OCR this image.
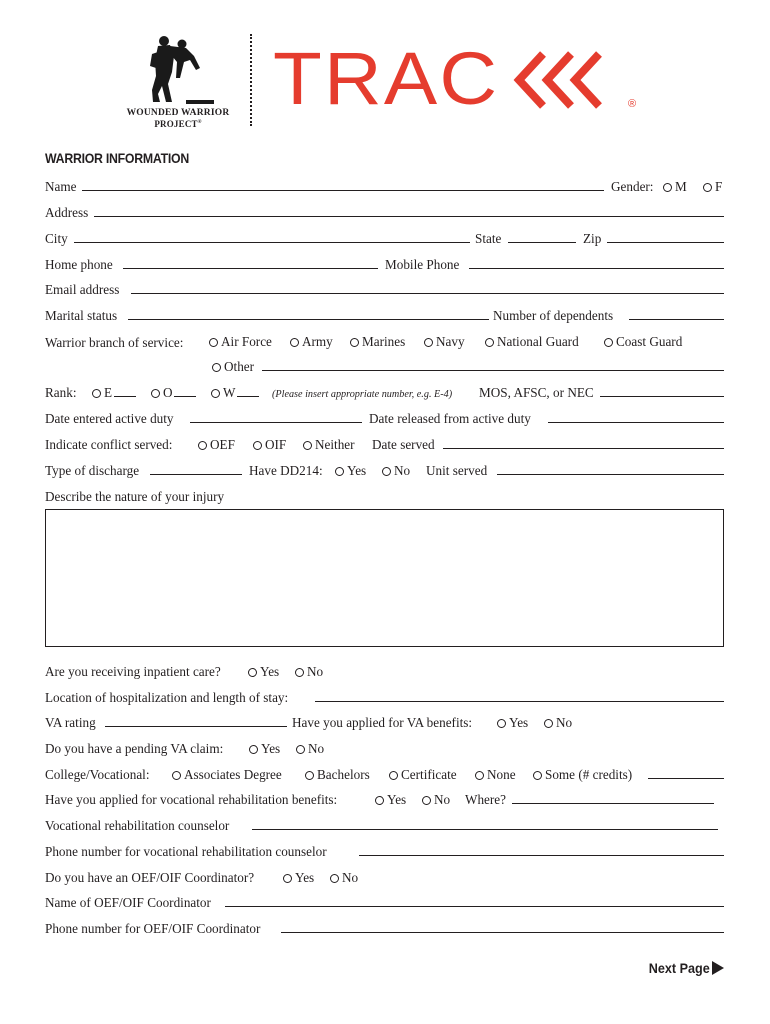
WOUNDED WARRIOR
PROJECT®
TRAC	®
WARRIOR INFORMATION
Name	Gender:	M	F
Address
City	State	Zip
Home phone	Mobile Phone
Email address
Marital status	Number of dependents
Warrior branch of service:	Air Force	Army	Marines	Navy	National Guard	Coast Guard
Other
Rank:	E	O	W	(Please insert appropriate number, e.g. E-4) MOS, AFSC, or NEC
Date entered active duty	Date released from active duty
Indicate conflict served:	OEF	OIF	Neither Date served
Type of discharge	Have DD214:	Yes	No Unit served
Describe the nature of your injury
Are you receiving inpatient care?	Yes	No
Location of hospitalization and length of stay:
VA rating	Have you applied for VA benefits:	Yes	No
Do you have a pending VA claim:	Yes	No
College/Vocational:	Associates Degree	Bachelors	Certificate	None	Some (# credits)
Have you applied for vocational rehabilitation benefits:	Yes	No Where?
Vocational rehabilitation counselor
Phone number for vocational rehabilitation counselor
Do you have an OEF/OIF Coordinator?	Yes	No
Name of OEF/OIF Coordinator
Phone number for OEF/OIF Coordinator
Next Page
